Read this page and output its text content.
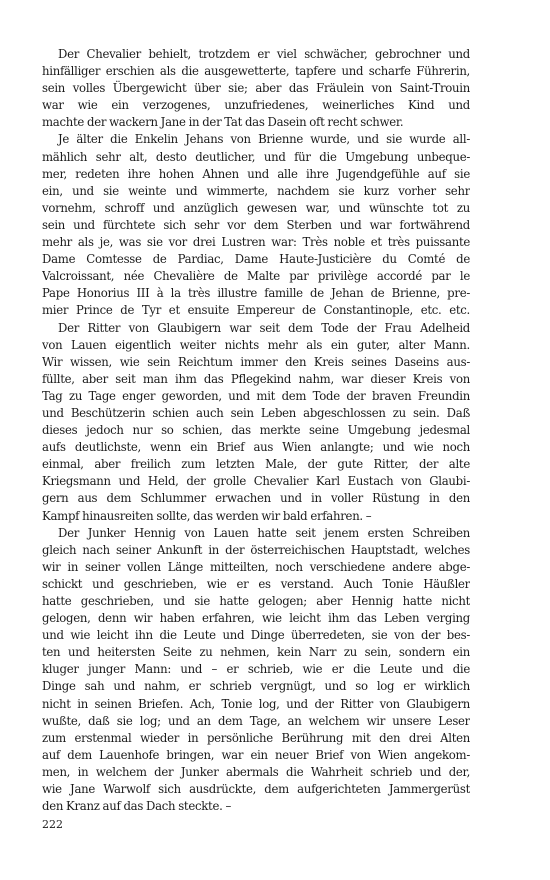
Der Chevalier behielt, trotzdem er viel schwächer, gebrochner und
hinfälliger erschien als die ausgewetterte, tapfere und scharfe Führerin,
sein volles Übergewicht über sie; aber das Fräulein von Saint-Trouin
war wie ein verzogenes, unzufriedenes, weinerliches Kind und
machte der wackern Jane in der Tat das Dasein oft recht schwer.
Je älter die Enkelin Jehans von Brienne wurde, und sie wurde all-
mählich sehr alt, desto deutlicher, und für die Umgebung unbeque-
mer, redeten ihre hohen Ahnen und alle ihre Jugendgefühle auf sie
ein, und sie weinte und wimmerte, nachdem sie kurz vorher sehr
vornehm, schroff und anzüglich gewesen war, und wünschte tot zu
sein und fürchtete sich sehr vor dem Sterben und war fortwährend
mehr als je, was sie vor drei Lustren war: Très noble et très puissante
Dame Comtesse de Pardiac, Dame Haute-Justicière du Comté de
Valcroissant, née Chevalière de Malte par privilège accordé par le
Pape Honorius III à la très illustre famille de Jehan de Brienne, pre-
mier Prince de Tyr et ensuite Empereur de Constantinople, etc. etc.
Der Ritter von Glaubigern war seit dem Tode der Frau Adelheid
von Lauen eigentlich weiter nichts mehr als ein guter, alter Mann.
Wir wissen, wie sein Reichtum immer den Kreis seines Daseins aus-
füllte, aber seit man ihm das Pflegekind nahm, war dieser Kreis von
Tag zu Tage enger geworden, und mit dem Tode der braven Freundin
und Beschützerin schien auch sein Leben abgeschlossen zu sein. Daß
dieses jedoch nur so schien, das merkte seine Umgebung jedesmal
aufs deutlichste, wenn ein Brief aus Wien anlangte; und wie noch
einmal, aber freilich zum letzten Male, der gute Ritter, der alte
Kriegsmann und Held, der grolle Chevalier Karl Eustach von Glaubi-
gern aus dem Schlummer erwachen und in voller Rüstung in den
Kampf hinausreiten sollte, das werden wir bald erfahren. –
Der Junker Hennig von Lauen hatte seit jenem ersten Schreiben
gleich nach seiner Ankunft in der österreichischen Hauptstadt, welches
wir in seiner vollen Länge mitteilten, noch verschiedene andere abge-
schickt und geschrieben, wie er es verstand. Auch Tonie Häußler
hatte geschrieben, und sie hatte gelogen; aber Hennig hatte nicht
gelogen, denn wir haben erfahren, wie leicht ihm das Leben verging
und wie leicht ihn die Leute und Dinge überredeten, sie von der bes-
ten und heitersten Seite zu nehmen, kein Narr zu sein, sondern ein
kluger junger Mann: und – er schrieb, wie er die Leute und die
Dinge sah und nahm, er schrieb vergnügt, und so log er wirklich
nicht in seinen Briefen. Ach, Tonie log, und der Ritter von Glaubigern
wußte, daß sie log; und an dem Tage, an welchem wir unsere Leser
zum erstenmal wieder in persönliche Berührung mit den drei Alten
auf dem Lauenhofe bringen, war ein neuer Brief von Wien angekom-
men, in welchem der Junker abermals die Wahrheit schrieb und der,
wie Jane Warwolf sich ausdrückte, dem aufgerichteten Jammergerüst
den Kranz auf das Dach steckte. –
222
